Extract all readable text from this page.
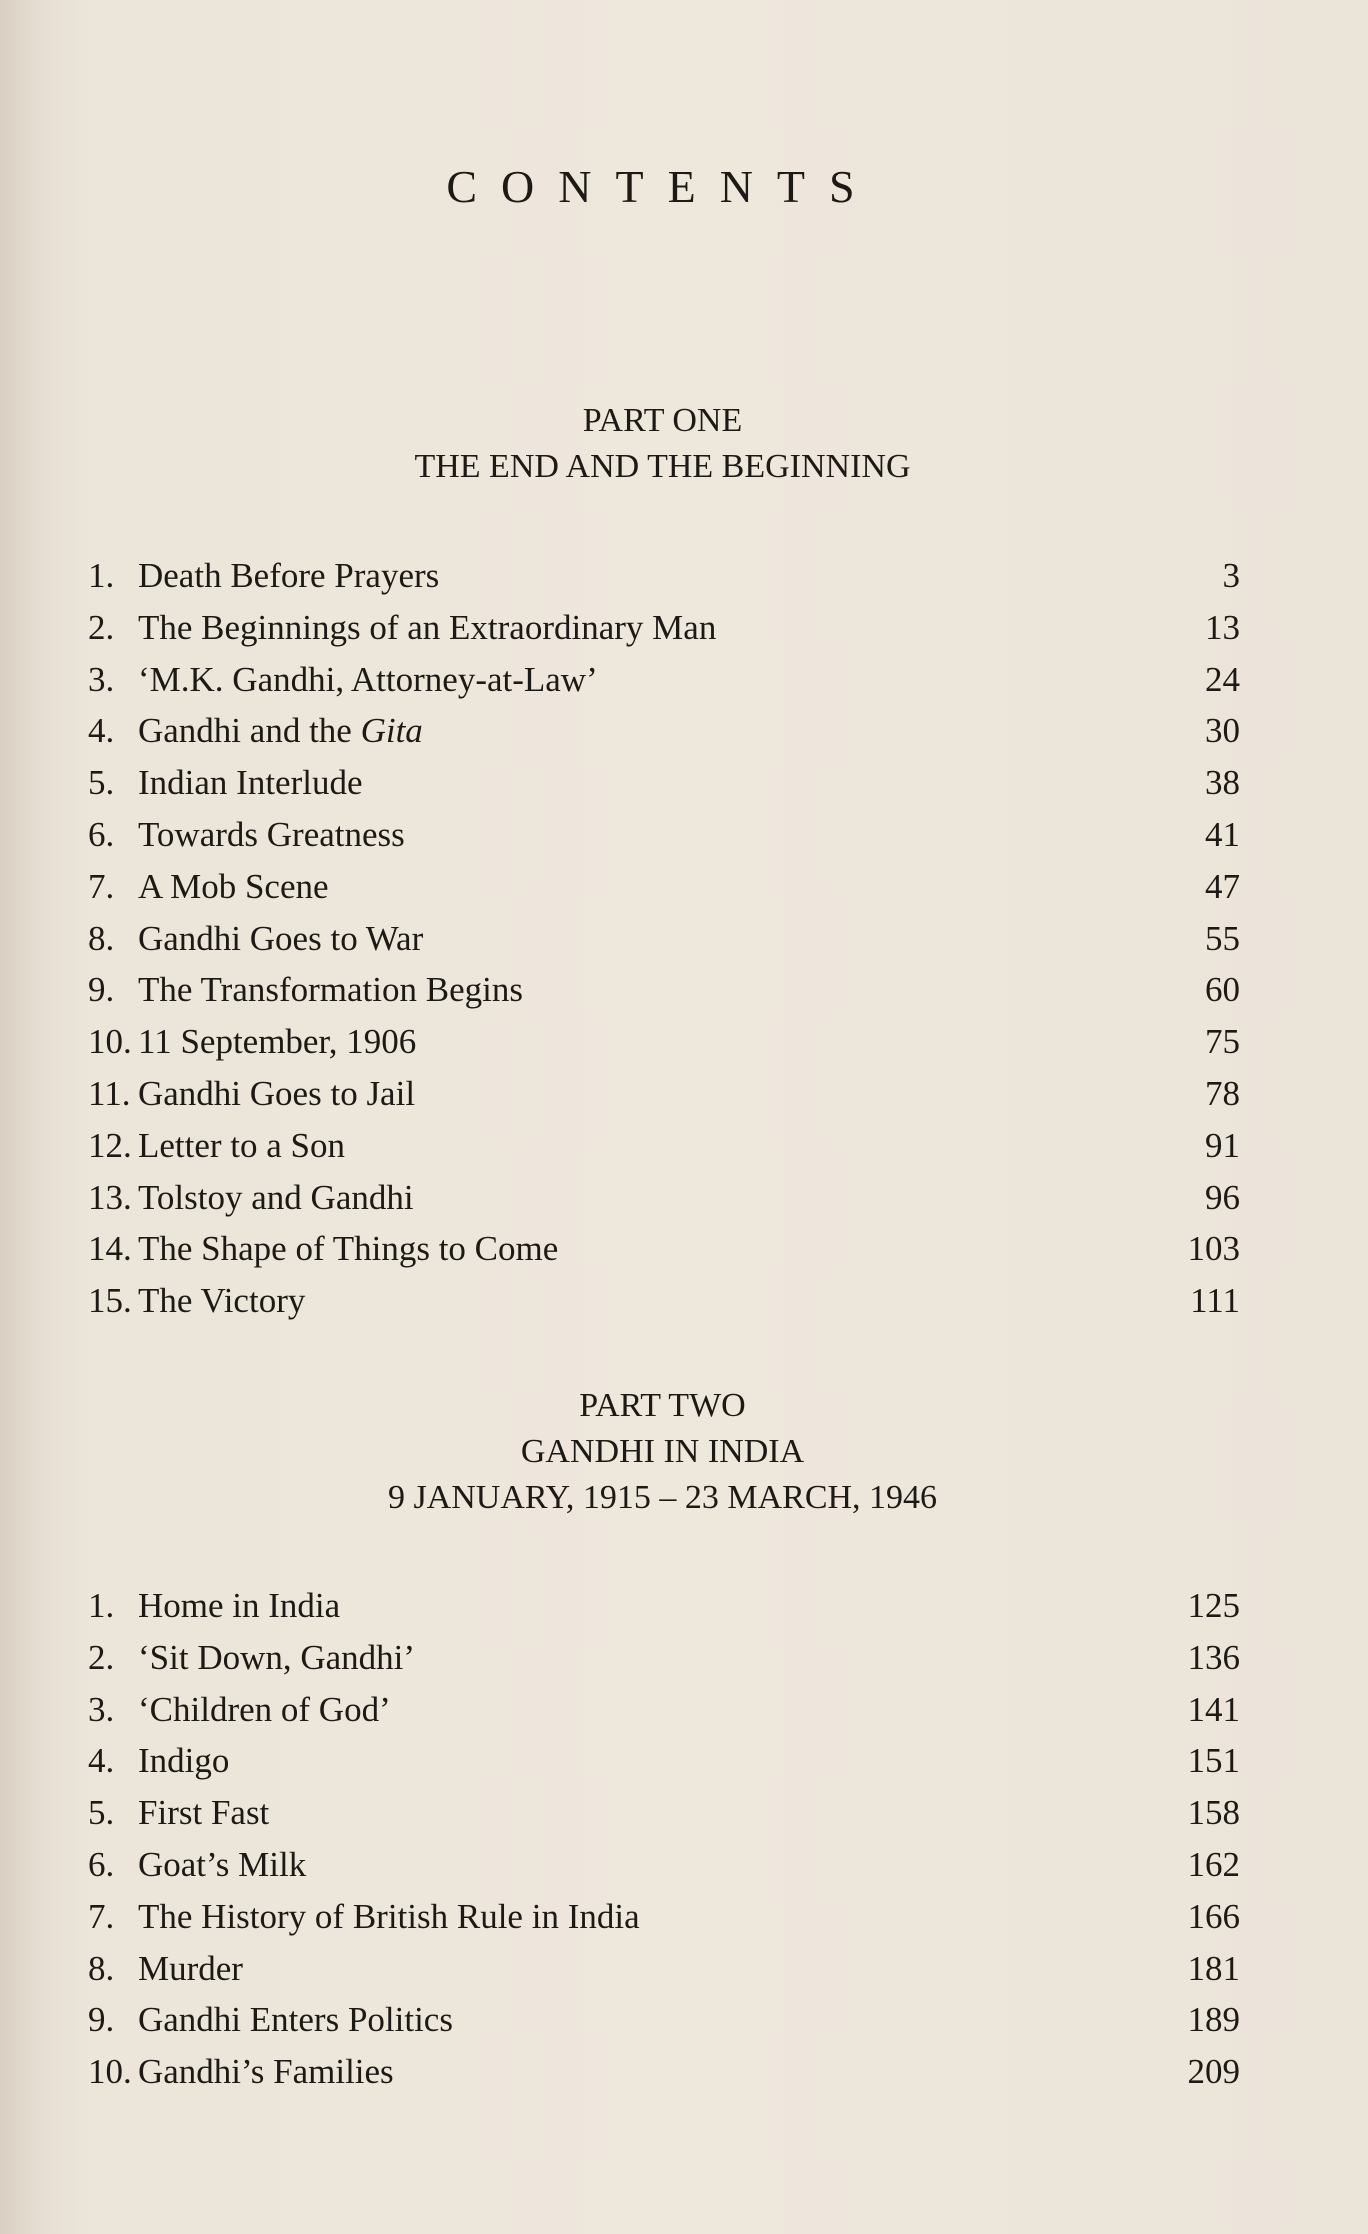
CONTENTS
PART ONE
THE END AND THE BEGINNING
1. Death Before Prayers	3
2. The Beginnings of an Extraordinary Man	13
3. ‘M.K. Gandhi, Attorney-at-Law’	24
4. Gandhi and the Gita	30
5. Indian Interlude	38
6. Towards Greatness	41
7. A Mob Scene	47
8. Gandhi Goes to War	55
9. The Transformation Begins	60
10. 11 September, 1906	75
11. Gandhi Goes to Jail	78
12. Letter to a Son	91
13. Tolstoy and Gandhi	96
14. The Shape of Things to Come	103
15. The Victory	111
PART TWO
GANDHI IN INDIA
9 JANUARY, 1915 – 23 MARCH, 1946
1. Home in India	125
2. ‘Sit Down, Gandhi’	136
3. ‘Children of God’	141
4. Indigo	151
5. First Fast	158
6. Goat’s Milk	162
7. The History of British Rule in India	166
8. Murder	181
9. Gandhi Enters Politics	189
10. Gandhi’s Families	209
